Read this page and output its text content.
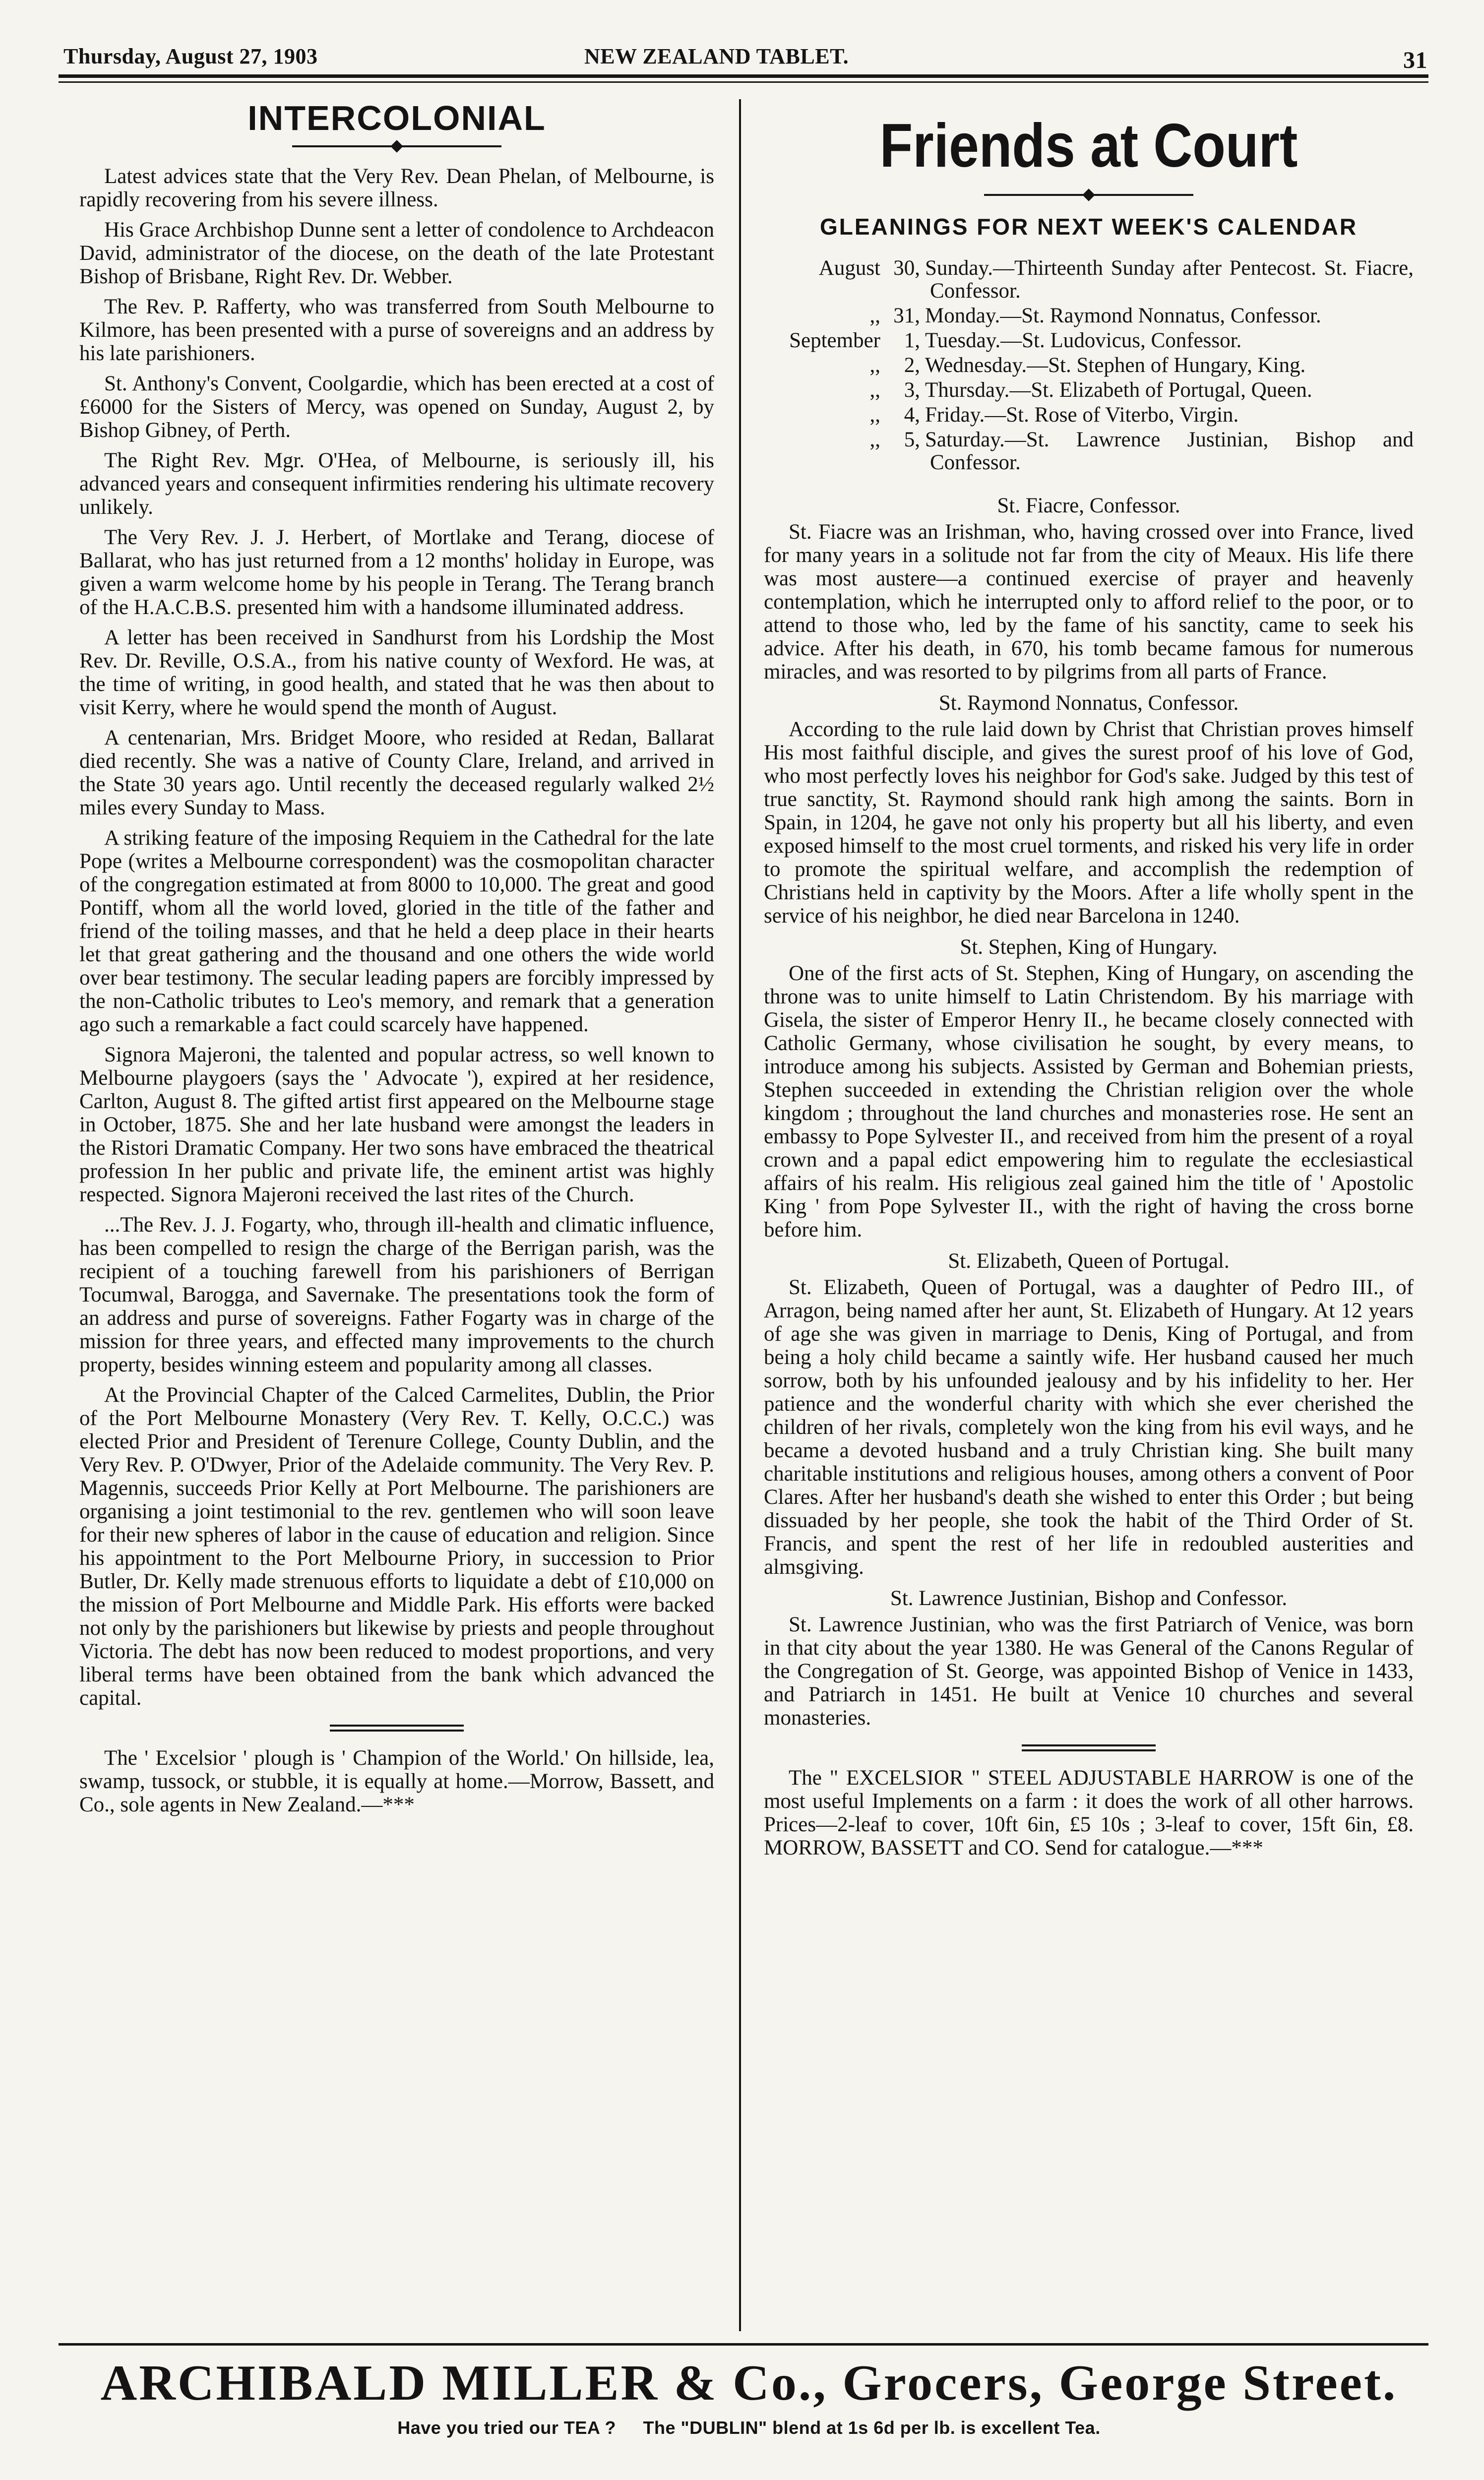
Thursday, August 27, 1903	NEW ZEALAND TABLET.	31
INTERCOLONIAL

Latest advices state that the Very Rev. Dean Phelan, of Melbourne, is rapidly recovering from his severe illness.

His Grace Archbishop Dunne sent a letter of condolence to Archdeacon David, administrator of the diocese, on the death of the late Protestant Bishop of Brisbane, Right Rev. Dr. Webber.

The Rev. P. Rafferty, who was transferred from South Melbourne to Kilmore, has been presented with a purse of sovereigns and an address by his late parishioners.

St. Anthony's Convent, Coolgardie, which has been erected at a cost of £6000 for the Sisters of Mercy, was opened on Sunday, August 2, by Bishop Gibney, of Perth.

The Right Rev. Mgr. O'Hea, of Melbourne, is seriously ill, his advanced years and consequent infirmities rendering his ultimate recovery unlikely.

The Very Rev. J. J. Herbert, of Mortlake and Terang, diocese of Ballarat, who has just returned from a 12 months' holiday in Europe, was given a warm welcome home by his people in Terang. The Terang branch of the H.A.C.B.S. presented him with a handsome illuminated address.

A letter has been received in Sandhurst from his Lordship the Most Rev. Dr. Reville, O.S.A., from his native county of Wexford. He was, at the time of writing, in good health, and stated that he was then about to visit Kerry, where he would spend the month of August.

A centenarian, Mrs. Bridget Moore, who resided at Redan, Ballarat died recently. She was a native of County Clare, Ireland, and arrived in the State 30 years ago. Until recently the deceased regularly walked 2½ miles every Sunday to Mass.

A striking feature of the imposing Requiem in the Cathedral for the late Pope (writes a Melbourne correspondent) was the cosmopolitan character of the congregation estimated at from 8000 to 10,000. The great and good Pontiff, whom all the world loved, gloried in the title of the father and friend of the toiling masses, and that he held a deep place in their hearts let that great gathering and the thousand and one others the wide world over bear testimony. The secular leading papers are forcibly impressed by the non-Catholic tributes to Leo's memory, and remark that a generation ago such a remarkable a fact could scarcely have happened.

Signora Majeroni, the talented and popular actress, so well known to Melbourne playgoers (says the ' Advocate '), expired at her residence, Carlton, August 8. The gifted artist first appeared on the Melbourne stage in October, 1875. She and her late husband were amongst the leaders in the Ristori Dramatic Company. Her two sons have embraced the theatrical profession In her public and private life, the eminent artist was highly respected. Signora Majeroni received the last rites of the Church.

...The Rev. J. J. Fogarty, who, through ill-health and climatic influence, has been compelled to resign the charge of the Berrigan parish, was the recipient of a touching farewell from his parishioners of Berrigan Tocumwal, Barogga, and Savernake. The presentations took the form of an address and purse of sovereigns. Father Fogarty was in charge of the mission for three years, and effected many improvements to the church property, besides winning esteem and popularity among all classes.

At the Provincial Chapter of the Calced Carmelites, Dublin, the Prior of the Port Melbourne Monastery (Very Rev. T. Kelly, O.C.C.) was elected Prior and President of Terenure College, County Dublin, and the Very Rev. P. O'Dwyer, Prior of the Adelaide community. The Very Rev. P. Magennis, succeeds Prior Kelly at Port Melbourne. The parishioners are organising a joint testimonial to the rev. gentlemen who will soon leave for their new spheres of labor in the cause of education and religion. Since his appointment to the Port Melbourne Priory, in succession to Prior Butler, Dr. Kelly made strenuous efforts to liquidate a debt of £10,000 on the mission of Port Melbourne and Middle Park. His efforts were backed not only by the parishioners but likewise by priests and people throughout Victoria. The debt has now been reduced to modest proportions, and very liberal terms have been obtained from the bank which advanced the capital.

The ' Excelsior ' plough is ' Champion of the World.' On hillside, lea, swamp, tussock, or stubble, it is equally at home.—Morrow, Bassett, and Co., sole agents in New Zealand.—***

Friends at Court
GLEANINGS FOR NEXT WEEK'S CALENDAR
August 30, Sunday.—Thirteenth Sunday after Pentecost. St. Fiacre, Confessor.
,, 31, Monday.—St. Raymond Nonnatus, Confessor.
September	1, Tuesday.—St. Ludovicus, Confessor.
,,	2, Wednesday.—St. Stephen of Hungary, King.
,,	3, Thursday.—St. Elizabeth of Portugal, Queen.
,,	4, Friday.—St. Rose of Viterbo, Virgin.
,,	5, Saturday.—St. Lawrence Justinian, Bishop and Confessor.
St. Fiacre, Confessor.

St. Fiacre was an Irishman, who, having crossed over into France, lived for many years in a solitude not far from the city of Meaux. His life there was most austere—a continued exercise of prayer and heavenly contemplation, which he interrupted only to afford relief to the poor, or to attend to those who, led by the fame of his sanctity, came to seek his advice. After his death, in 670, his tomb became famous for numerous miracles, and was resorted to by pilgrims from all parts of France.

St. Raymond Nonnatus, Confessor.

According to the rule laid down by Christ that Christian proves himself His most faithful disciple, and gives the surest proof of his love of God, who most perfectly loves his neighbor for God's sake. Judged by this test of true sanctity, St. Raymond should rank high among the saints. Born in Spain, in 1204, he gave not only his property but all his liberty, and even exposed himself to the most cruel torments, and risked his very life in order to promote the spiritual welfare, and accomplish the redemption of Christians held in captivity by the Moors. After a life wholly spent in the service of his neighbor, he died near Barcelona in 1240.

St. Stephen, King of Hungary.

One of the first acts of St. Stephen, King of Hungary, on ascending the throne was to unite himself to Latin Christendom. By his marriage with Gisela, the sister of Emperor Henry II., he became closely connected with Catholic Germany, whose civilisation he sought, by every means, to introduce among his subjects. Assisted by German and Bohemian priests, Stephen succeeded in extending the Christian religion over the whole kingdom ; throughout the land churches and monasteries rose. He sent an embassy to Pope Sylvester II., and received from him the present of a royal crown and a papal edict empowering him to regulate the ecclesiastical affairs of his realm. His religious zeal gained him the title of ' Apostolic King ' from Pope Sylvester II., with the right of having the cross borne before him.

St. Elizabeth, Queen of Portugal.

St. Elizabeth, Queen of Portugal, was a daughter of Pedro III., of Arragon, being named after her aunt, St. Elizabeth of Hungary. At 12 years of age she was given in marriage to Denis, King of Portugal, and from being a holy child became a saintly wife. Her husband caused her much sorrow, both by his unfounded jealousy and by his infidelity to her. Her patience and the wonderful charity with which she ever cherished the children of her rivals, completely won the king from his evil ways, and he became a devoted husband and a truly Christian king. She built many charitable institutions and religious houses, among others a convent of Poor Clares. After her husband's death she wished to enter this Order ; but being dissuaded by her people, she took the habit of the Third Order of St. Francis, and spent the rest of her life in redoubled austerities and almsgiving.

St. Lawrence Justinian, Bishop and Confessor.

St. Lawrence Justinian, who was the first Patriarch of Venice, was born in that city about the year 1380. He was General of the Canons Regular of the Congregation of St. George, was appointed Bishop of Venice in 1433, and Patriarch in 1451. He built at Venice 10 churches and several monasteries.

The " EXCELSIOR " STEEL ADJUSTABLE HARROW is one of the most useful Implements on a farm : it does the work of all other harrows. Prices—2-leaf to cover, 10ft 6in, £5 10s ; 3-leaf to cover, 15ft 6in, £8. MORROW, BASSETT and CO. Send for catalogue.—***

ARCHIBALD MILLER & Co., Grocers, George Street.
Have you tried our TEA ? The "DUBLIN" blend at 1s 6d per lb. is excellent Tea.
